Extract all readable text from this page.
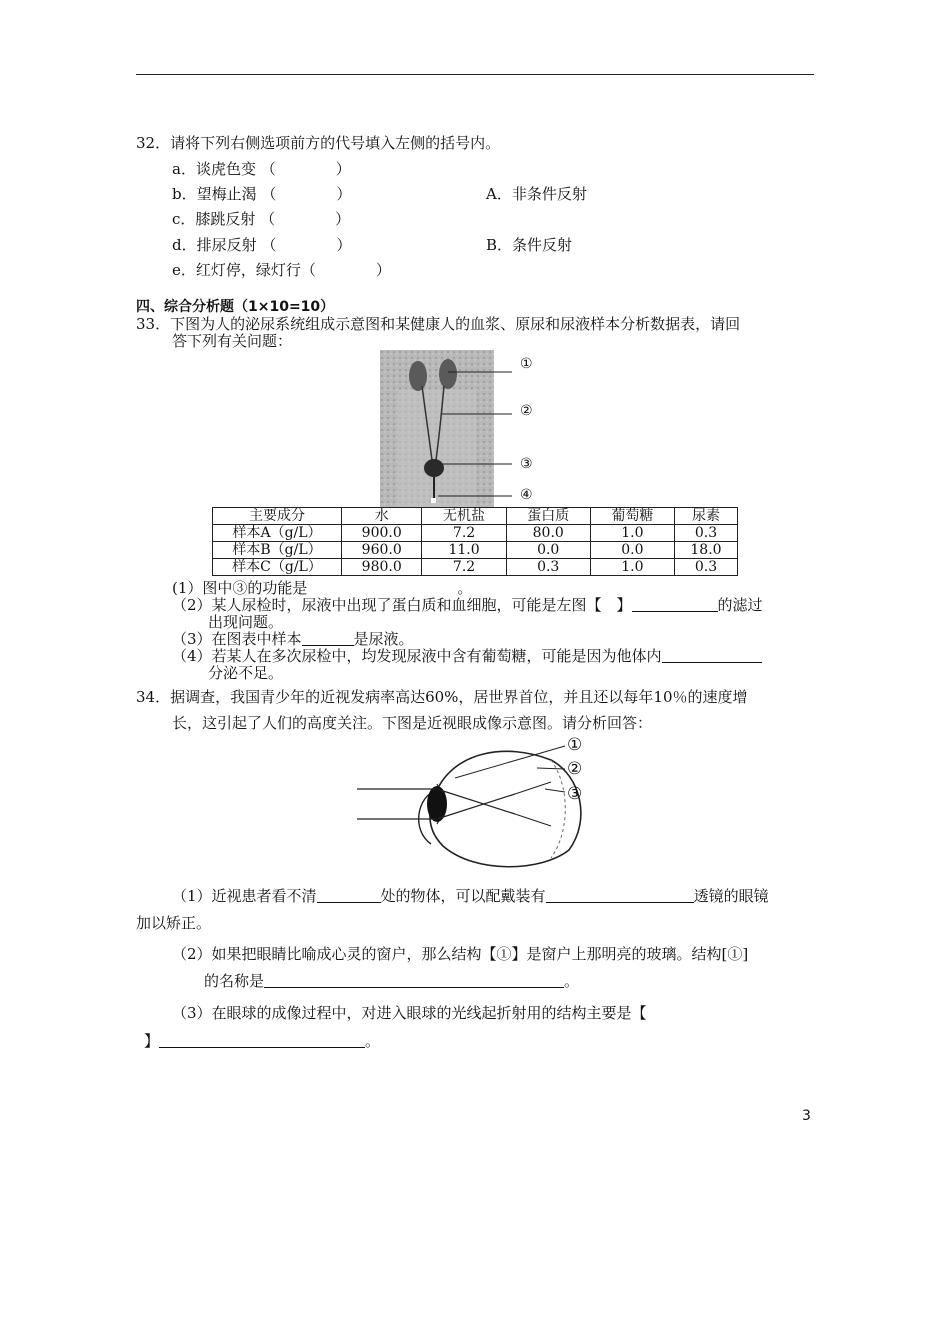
32．请将下列右侧选项前方的代号填入左侧的括号内。
a．谈虎色变 （　　　　）
b．望梅止渴 （　　　　）
c．膝跳反射 （　　　　）
d．排尿反射 （　　　　）
e．红灯停，绿灯行（　　　　）
A．非条件反射
B．条件反射
四、综合分析题（1×10=10）
33．下图为人的泌尿系统组成示意图和某健康人的血浆、原尿和尿液样本分析数据表，请回
答下列有关问题：
①
②
③
④
主要成分	水	无机盐	蛋白质	葡萄糖	尿素
样本A（g/L）	900.0	7.2	80.0	1.0	0.3
样本B（g/L）	960.0	11.0	0.0	0.0	18.0
样本C（g/L）	980.0	7.2	0.3	1.0	0.3
(1）图中③的功能是	。
（2）某人尿检时，尿液中出现了蛋白质和血细胞，可能是左图【　】	的滤过
出现问题。
（3）在图表中样本	是尿液。
（4）若某人在多次尿检中，均发现尿液中含有葡萄糖，可能是因为他体内
分泌不足。
34．据调查，我国青少年的近视发病率高达60%，居世界首位，并且还以每年10％的速度增
长，这引起了人们的高度关注。下图是近视眼成像示意图。请分析回答：
①
②
③
（1）近视患者看不清	处的物体，可以配戴装有	透镜的眼镜
加以矫正。
（2）如果把眼睛比喻成心灵的窗户，那么结构【①】是窗户上那明亮的玻璃。结构[①]
的名称是	。
（3）在眼球的成像过程中，对进入眼球的光线起折射用的结构主要是【
】	。
3
